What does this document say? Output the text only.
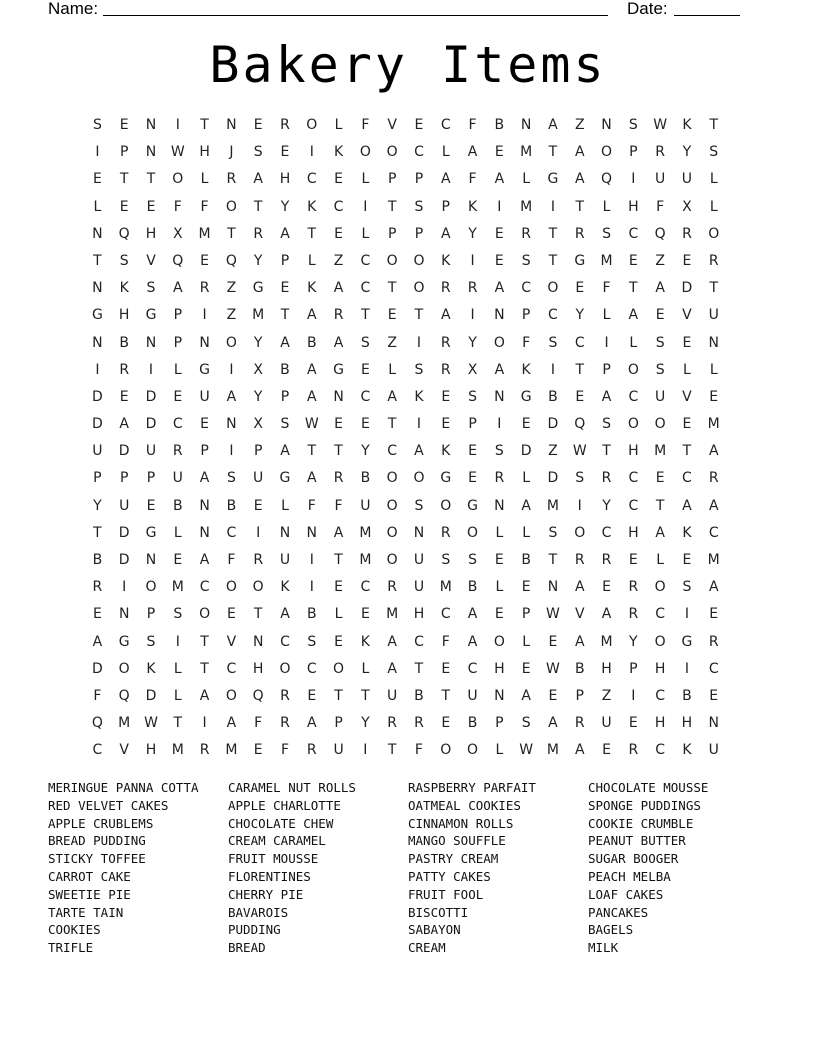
Name:	Date:
Bakery Items
S E N I T N E R O L F V E C F B N A Z N S W K T
I P N W H J S E I K O O C L A E M T A O P R Y S
E T T O L R A H C E L P P A F A L G A Q I U U L
L E E F F O T Y K C I T S P K I M I T L H F X L
N Q H X M T R A T E L P P A Y E R T R S C Q R O
T S V Q E Q Y P L Z C O O K I E S T G M E Z E R
N K S A R Z G E K A C T O R R A C O E F T A D T
G H G P I Z M T A R T E T A I N P C Y L A E V U
N B N P N O Y A B A S Z I R Y O F S C I L S E N
I R I L G I X B A G E L S R X A K I T P O S L L
D E D E U A Y P A N C A K E S N G B E A C U V E
D A D C E N X S W E E T I E P I E D Q S O O E M
U D U R P I P A T T Y C A K E S D Z W T H M T A
P P P U A S U G A R B O O G E R L D S R C E C R
Y U E B N B E L F F U O S O G N A M I Y C T A A
T D G L N C I N N A M O N R O L L S O C H A K C
B D N E A F R U I T M O U S S E B T R R E L E M
R I O M C O O K I E C R U M B L E N A E R O S A
E N P S O E T A B L E M H C A E P W V A R C I E
A G S I T V N C S E K A C F A O L E A M Y O G R
D O K L T C H O C O L A T E C H E W B H P H I C
F Q D L A O Q R E T T U B T U N A E P Z I C B E
Q M W T I A F R A P Y R R E B P S A R U E H H N
C V H M R M E F R U I T F O O L W M A E R C K U
MERINGUE PANNA COTTA
RED VELVET CAKES
APPLE CRUBLEMS
BREAD PUDDING
STICKY TOFFEE
CARROT CAKE
SWEETIE PIE
TARTE TAIN
COOKIES
TRIFLE
CARAMEL NUT ROLLS
APPLE CHARLOTTE
CHOCOLATE CHEW
CREAM CARAMEL
FRUIT MOUSSE
FLORENTINES
CHERRY PIE
BAVAROIS
PUDDING
BREAD
RASPBERRY PARFAIT
OATMEAL COOKIES
CINNAMON ROLLS
MANGO SOUFFLE
PASTRY CREAM
PATTY CAKES
FRUIT FOOL
BISCOTTI
SABAYON
CREAM
CHOCOLATE MOUSSE
SPONGE PUDDINGS
COOKIE CRUMBLE
PEANUT BUTTER
SUGAR BOOGER
PEACH MELBA
LOAF CAKES
PANCAKES
BAGELS
MILK
